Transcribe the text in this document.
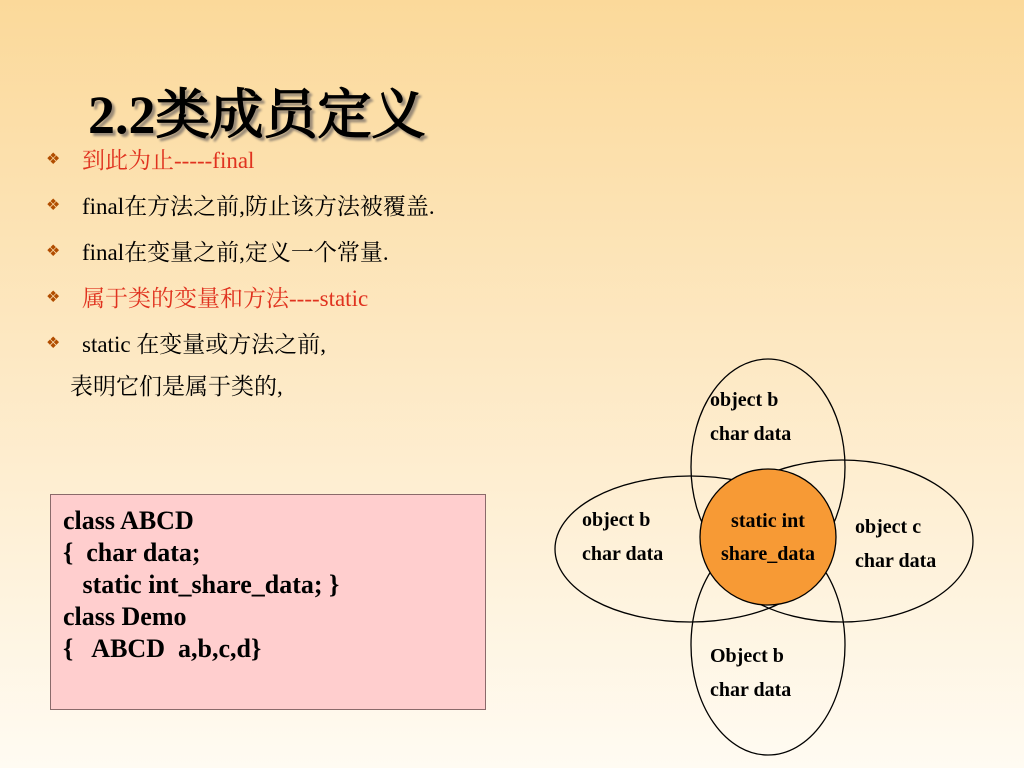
2.2类成员定义
❖ 到此为止-----final
❖ final在方法之前,防止该方法被覆盖.
❖ final在变量之前,定义一个常量.
❖ 属于类的变量和方法----static
❖ static 在变量或方法之前,
表明它们是属于类的,
class ABCD
{  char data;
static int_share_data; }
class Demo
{   ABCD  a,b,c,d}
object b
char data
object b
char data
object c
char data
Object b
char data
static int
share_data
